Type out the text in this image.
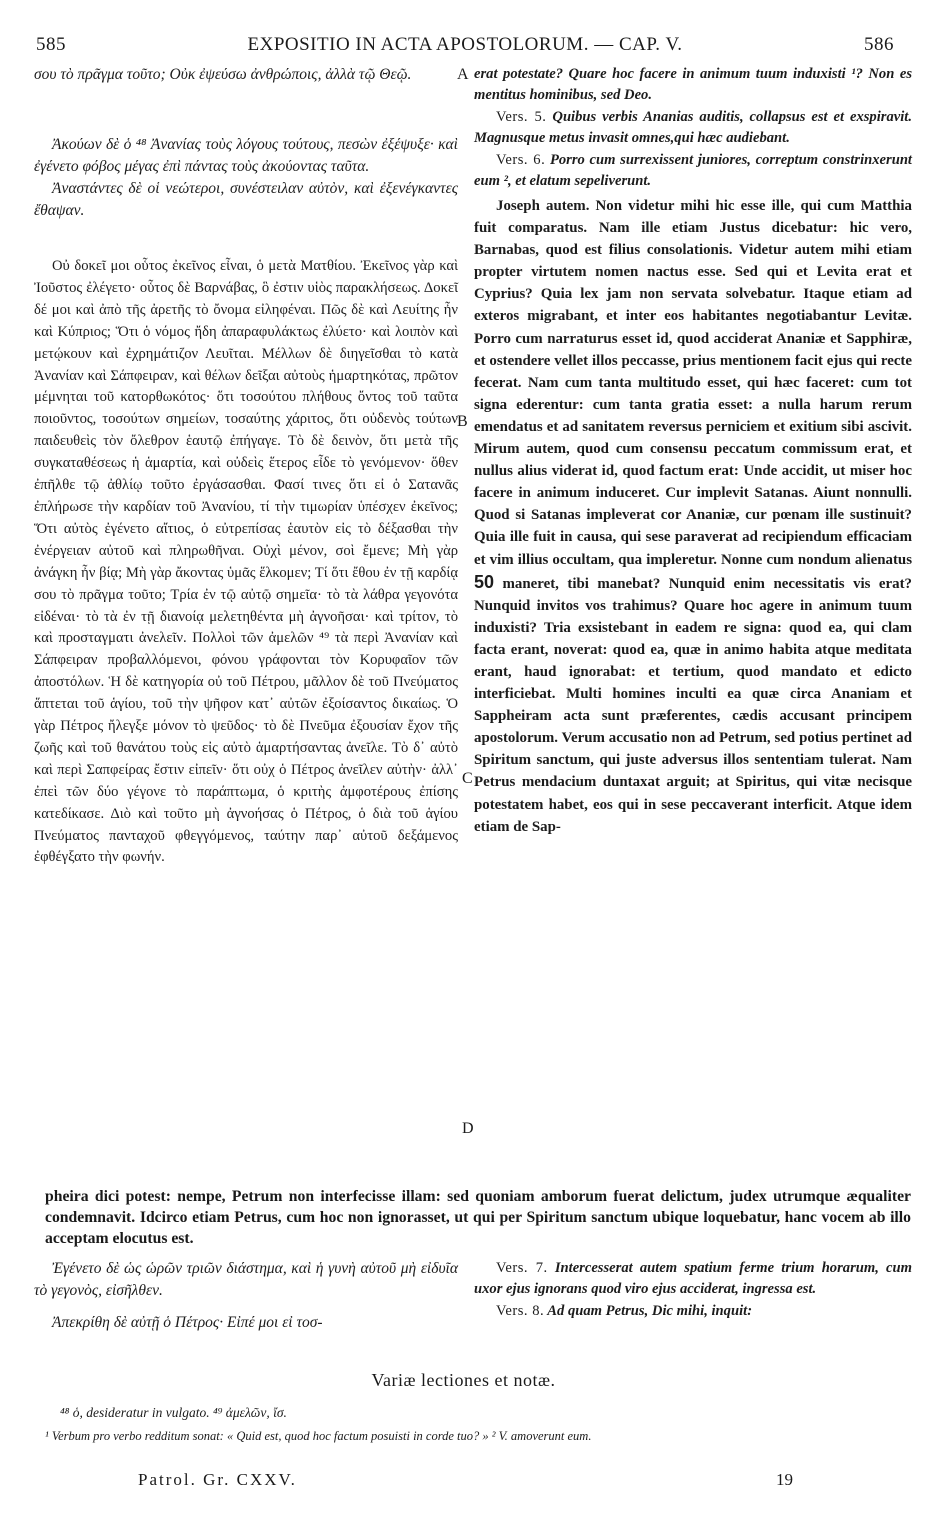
585	EXPOSITIO IN ACTA APOSTOLORUM. — CAP. V.	586

σου τὸ πρᾶγμα τοῦτο; Οὐκ ἐψεύσω ἀνθρώποις, ἀλλὰ τῷ Θεῷ.

Ἀκούων δὲ ὁ ⁴⁸ Ἀνανίας τοὺς λόγους τούτους, πεσὼν ἐξέψυξε· καὶ ἐγένετο φόβος μέγας ἐπὶ πάντας τοὺς ἀκούοντας ταῦτα.

Ἀναστάντες δὲ οἱ νεώτεροι, συνέστειλαν αὐτὸν, καὶ ἐξενέγκαντες ἔθαψαν.

Οὐ δοκεῖ μοι οὗτος ἐκεῖνος εἶναι, ὁ μετὰ Ματθίου. Ἐκεῖνος γὰρ καὶ Ἰοῦστος ἐλέγετο· οὗτος δὲ Βαρνάβας, ὃ ἐστιν υἱὸς παρακλήσεως. Δοκεῖ δέ μοι καὶ ἀπὸ τῆς ἀρετῆς τὸ ὄνομα εἰληφέναι. Πῶς δὲ καὶ Λευίτης ἦν καὶ Κύπριος; Ὅτι ὁ νόμος ἤδη ἀπαραφυλάκτως ἐλύετο· καὶ λοιπὸν καὶ μετῴκουν καὶ ἐχρημάτιζον Λευῖται. Μέλλων δὲ διηγεῖσθαι τὸ κατὰ Ἀνανίαν καὶ Σάπφειραν, καὶ θέλων δεῖξαι αὐτοὺς ἡμαρτηκότας, πρῶτον μέμνηται τοῦ κατορθωκότος· ὅτι τοσούτου πλήθους ὄντος τοῦ ταῦτα ποιοῦντος, τοσούτων σημείων, τοσαύτης χάριτος, ὅτι οὐδενὸς τούτων παιδευθεὶς τὸν ὄλεθρον ἑαυτῷ ἐπήγαγε. Τὸ δὲ δεινὸν, ὅτι μετὰ τῆς συγκαταθέσεως ἡ ἁμαρτία, καὶ οὐδεὶς ἕτερος εἶδε τὸ γενόμενον· ὅθεν ἐπῆλθε τῷ ἀθλίῳ τοῦτο ἐργάσασθαι. Φασί τινες ὅτι εἰ ὁ Σατανᾶς ἐπλήρωσε τὴν καρδίαν τοῦ Ἀνανίου, τί τὴν τιμωρίαν ὑπέσχεν ἐκεῖνος; Ὅτι αὐτὸς ἐγένετο αἴτιος, ὁ εὐτρεπίσας ἑαυτὸν εἰς τὸ δέξασθαι τὴν ἐνέργειαν αὐτοῦ καὶ πληρωθῆναι. Οὐχὶ μένον, σοὶ ἔμενε; Μὴ γὰρ ἀνάγκη ἦν βίᾳ; Μὴ γὰρ ἄκοντας ὑμᾶς ἕλκομεν; Τί ὅτι ἔθου ἐν τῇ καρδίᾳ σου τὸ πρᾶγμα τοῦτο; Τρία ἐν τῷ αὐτῷ σημεῖα· τὸ τὰ λάθρα γεγονότα εἰδέναι· τὸ τὰ ἐν τῇ διανοίᾳ μελετηθέντα μὴ ἀγνοῆσαι· καὶ τρίτον, τὸ καὶ προσταγματι ἀνελεῖν. Πολλοὶ τῶν ἀμελῶν ⁴⁹ τὰ περὶ Ἀνανίαν καὶ Σάπφειραν προβαλλόμενοι, φόνου γράφονται τὸν Κορυφαῖον τῶν ἀποστόλων. Ἡ δὲ κατηγορία οὐ τοῦ Πέτρου, μᾶλλον δὲ τοῦ Πνεύματος ἅπτεται τοῦ ἁγίου, τοῦ τὴν ψῆφον κατ᾽ αὐτῶν ἐξοίσαντος δικαίως. Ὁ γὰρ Πέτρος ἤλεγξε μόνον τὸ ψεῦδος· τὸ δὲ Πνεῦμα ἐξουσίαν ἔχον τῆς ζωῆς καὶ τοῦ θανάτου τοὺς εἰς αὐτὸ ἁμαρτήσαντας ἀνεῖλε. Τὸ δ᾽ αὐτὸ καὶ περὶ Σαπφείρας ἔστιν εἰπεῖν· ὅτι οὐχ ὁ Πέτρος ἀνεῖλεν αὐτὴν· ἀλλ᾽ ἐπεὶ τῶν δύο γέγονε τὸ παράπτωμα, ὁ κριτὴς ἀμφοτέρους ἐπίσης κατεδίκασε. Διὸ καὶ τοῦτο μὴ ἀγνοήσας ὁ Πέτρος, ὁ διὰ τοῦ ἁγίου Πνεύματος πανταχοῦ φθεγγόμενος, ταύτην παρ᾽ αὐτοῦ δεξάμενος ἐφθέγξατο τὴν φωνήν.

erat potestate? Quare hoc facere in animum tuum induxisti ¹? Non es mentitus hominibus, sed Deo.

Vers. 5. Quibus verbis Ananias auditis, collapsus est et exspiravit. Magnusque metus invasit omnes,qui hæc audiebant.

Vers. 6. Porro cum surrexissent juniores, correptum constrinxerunt eum ², et elatum sepeliverunt.

Joseph autem. Non videtur mihi hic esse ille, qui cum Matthia fuit comparatus. Nam ille etiam Justus dicebatur: hic vero, Barnabas, quod est filius consolationis. Videtur autem mihi etiam propter virtutem nomen nactus esse. Sed qui et Levita erat et Cyprius? Quia lex jam non servata solvebatur. Itaque etiam ad exteros migrabant, et inter eos habitantes negotiabantur Levitæ. Porro cum narraturus esset id, quod acciderat Ananiæ et Sapphiræ, et ostendere vellet illos peccasse, prius mentionem facit ejus qui recte fecerat. Nam cum tanta multitudo esset, qui hæc faceret: cum tot signa ederentur: cum tanta gratia esset: a nulla harum rerum emendatus et ad sanitatem reversus perniciem et exitium sibi ascivit. Mirum autem, quod cum consensu peccatum commissum erat, et nullus alius viderat id, quod factum erat: Unde accidit, ut miser hoc facere in animum induceret. Cur implevit Satanas. Aiunt nonnulli. Quod si Satanas impleverat cor Ananiæ, cur pœnam ille sustinuit? Quia ille fuit in causa, qui sese paraverat ad recipiendum efficaciam et vim illius occultam, qua impleretur. Nonne cum nondum alienatus 50 maneret, tibi manebat? Nunquid enim necessitatis vis erat? Nunquid invitos vos trahimus? Quare hoc agere in animum tuum induxisti? Tria exsistebant in eadem re signa: quod ea, qui clam facta erant, noverat: quod ea, quæ in animo habita atque meditata erant, haud ignorabat: et tertium, quod mandato et edicto interficiebat. Multi homines inculti ea quæ circa Ananiam et Sappheiram acta sunt præferentes, cædis accusant principem apostolorum. Verum accusatio non ad Petrum, sed potius pertinet ad Spiritum sanctum, qui juste adversus illos sententiam tulerat. Nam Petrus mendacium duntaxat arguit; at Spiritus, qui vitæ necisque potestatem habet, eos qui in sese peccaverant interficit. Atque idem etiam de Sap-

A
B
C
D

pheira dici potest: nempe, Petrum non interfecisse illam: sed quoniam amborum fuerat delictum, judex utrumque æqualiter condemnavit. Idcirco etiam Petrus, cum hoc non ignorasset, ut qui per Spiritum sanctum ubique loquebatur, hanc vocem ab illo acceptam elocutus est.

Ἐγένετο δὲ ὡς ὡρῶν τριῶν διάστημα, καὶ ἡ γυνὴ αὐτοῦ μὴ εἰδυῖα τὸ γεγονὸς, εἰσῆλθεν.

Ἀπεκρίθη δὲ αὐτῇ ὁ Πέτρος· Εἰπέ μοι εἰ τοσ-

Vers. 7. Intercesserat autem spatium ferme trium horarum, cum uxor ejus ignorans quod viro ejus acciderat, ingressa est.

Vers. 8. Ad quam Petrus, Dic mihi, inquit:

Variæ lectiones et notæ.
⁴⁸ ὁ, desideratur in vulgato. ⁴⁹ ἀμελῶν, ἴσ.
¹ Verbum pro verbo redditum sonat: « Quid est, quod hoc factum posuisti in corde tuo? » ² V. amoverunt eum.
Patrol. Gr. CXXV.	19
